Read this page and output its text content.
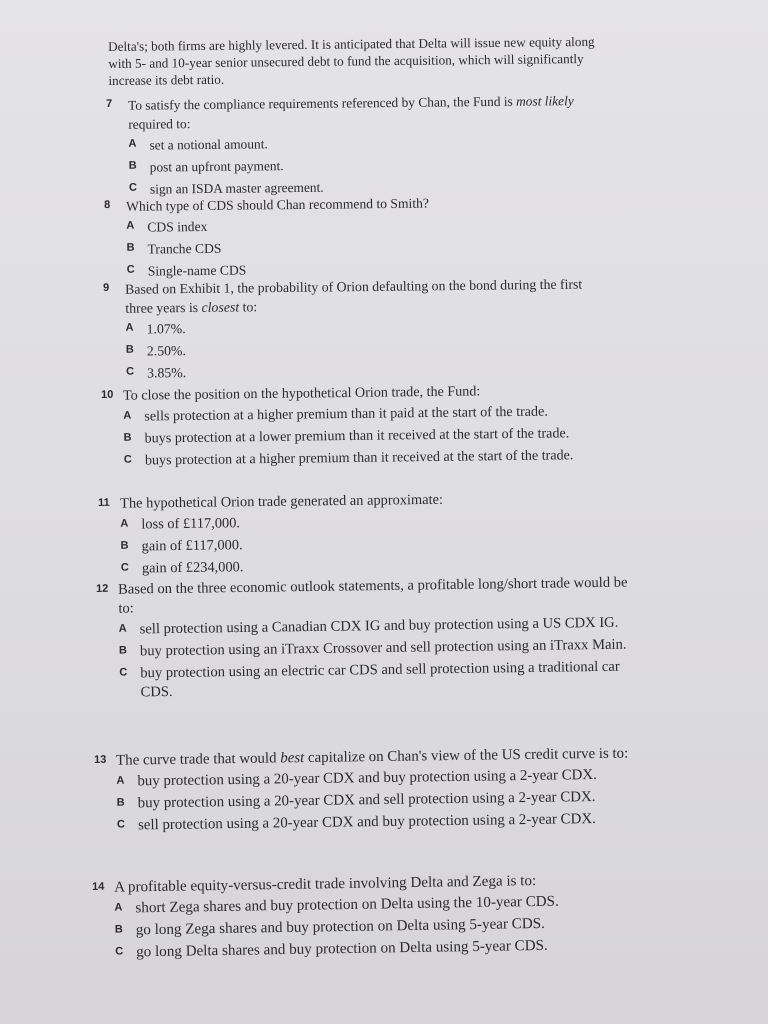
Delta's; both firms are highly levered. It is anticipated that Delta will issue new equity along with 5- and 10-year senior unsecured debt to fund the acquisition, which will significantly increase its debt ratio.
7	To satisfy the compliance requirements referenced by Chan, the Fund is most likely required to:
A set a notional amount.
B post an upfront payment.
C sign an ISDA master agreement.
8	Which type of CDS should Chan recommend to Smith?
A CDS index
B Tranche CDS
C Single-name CDS
9	Based on Exhibit 1, the probability of Orion defaulting on the bond during the first three years is closest to:
A 1.07%.
B 2.50%.
C 3.85%.
10 To close the position on the hypothetical Orion trade, the Fund:
A sells protection at a higher premium than it paid at the start of the trade.
B buys protection at a lower premium than it received at the start of the trade.
C buys protection at a higher premium than it received at the start of the trade.
11 The hypothetical Orion trade generated an approximate:
A loss of £117,000.
B gain of £117,000.
C gain of £234,000.
12 Based on the three economic outlook statements, a profitable long/short trade would be to:
A sell protection using a Canadian CDX IG and buy protection using a US CDX IG.
B buy protection using an iTraxx Crossover and sell protection using an iTraxx Main.
C buy protection using an electric car CDS and sell protection using a traditional car CDS.
13 The curve trade that would best capitalize on Chan's view of the US credit curve is to:
A buy protection using a 20-year CDX and buy protection using a 2-year CDX.
B buy protection using a 20-year CDX and sell protection using a 2-year CDX.
C sell protection using a 20-year CDX and buy protection using a 2-year CDX.
14 A profitable equity-versus-credit trade involving Delta and Zega is to:
A short Zega shares and buy protection on Delta using the 10-year CDS.
B go long Zega shares and buy protection on Delta using 5-year CDS.
C go long Delta shares and buy protection on Delta using 5-year CDS.
